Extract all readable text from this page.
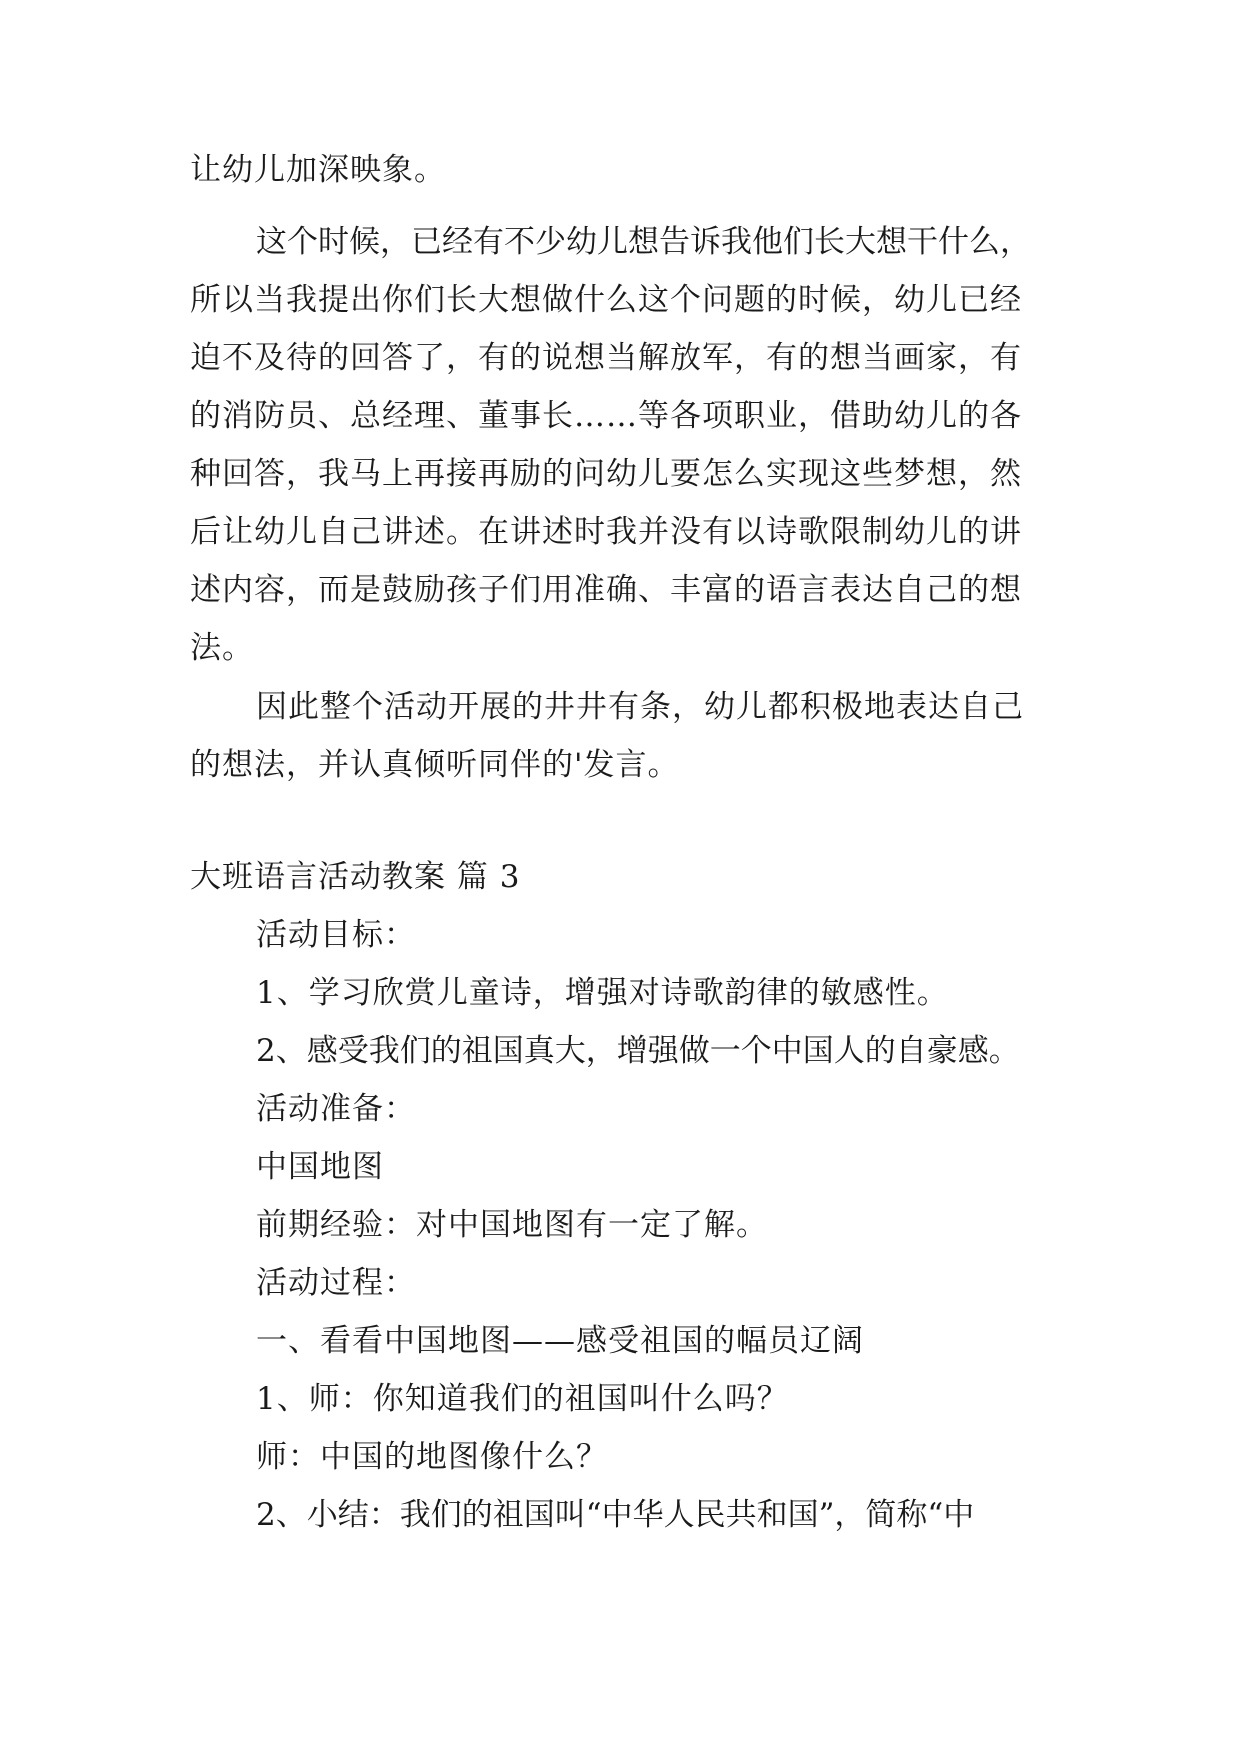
让幼儿加深映象。

这个时候，已经有不少幼儿想告诉我他们长大想干什么，

所以当我提出你们长大想做什么这个问题的时候，幼儿已经

迫不及待的回答了，有的说想当解放军，有的想当画家，有

的消防员、总经理、董事长……等各项职业，借助幼儿的各

种回答，我马上再接再励的问幼儿要怎么实现这些梦想，然

后让幼儿自己讲述。在讲述时我并没有以诗歌限制幼儿的讲

述内容，而是鼓励孩子们用准确、丰富的语言表达自己的想

法。

因此整个活动开展的井井有条，幼儿都积极地表达自己

的想法，并认真倾听同伴的'发言。

大班语言活动教案 篇 3

活动目标：

1、学习欣赏儿童诗，增强对诗歌韵律的敏感性。

2、感受我们的祖国真大，增强做一个中国人的自豪感。

活动准备：

中国地图

前期经验：对中国地图有一定了解。

活动过程：

一、看看中国地图——感受祖国的幅员辽阔

1、师：你知道我们的祖国叫什么吗？

师：中国的地图像什么？

2、小结：我们的祖国叫“中华人民共和国”，简称“中
